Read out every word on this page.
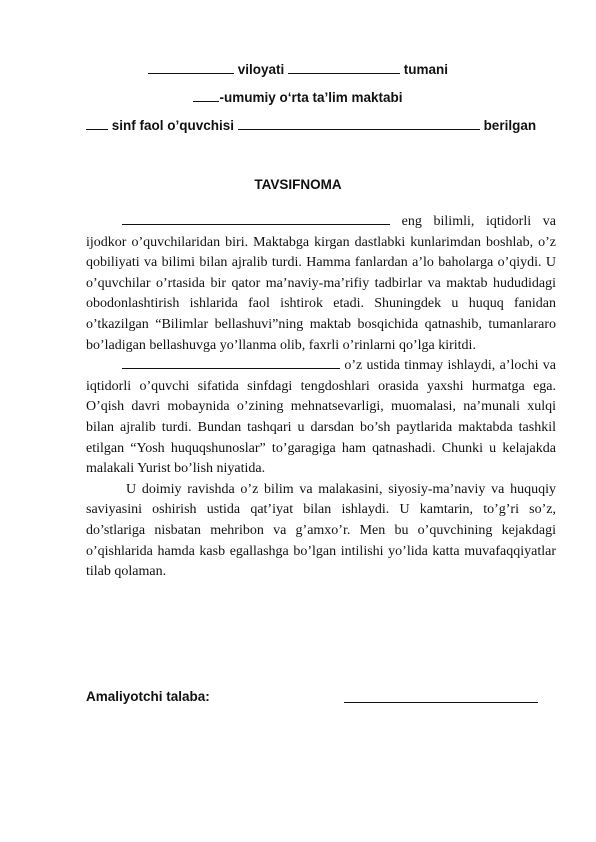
viloyati	tumani
-umumiy o‘rta ta’lim maktabi
sinf faol o’quvchisi	berilgan
TAVSIFNOMA

eng bilimli, iqtidorli va ijodkor o’quvchilaridan biri. Maktabga kirgan dastlabki kunlarimdan boshlab, o’z qobiliyati va bilimi bilan ajralib turdi. Hamma fanlardan a’lo baholarga o’qiydi. U o’quvchilar o’rtasida bir qator ma’naviy-ma’rifiy tadbirlar va maktab hududidagi obodonlashtirish ishlarida faol ishtirok etadi. Shuningdek u huquq fanidan o’tkazilgan “Bilimlar bellashuvi”ning maktab bosqichida qatnashib, tumanlararo bo’ladigan bellashuvga yo’llanma olib, faxrli o’rinlarni qo’lga kiritdi.

o’z ustida tinmay ishlaydi, a’lochi va iqtidorli o’quvchi sifatida sinfdagi tengdoshlari orasida yaxshi hurmatga ega. O’qish davri mobaynida o’zining mehnatsevarligi, muomalasi, na’munali xulqi bilan ajralib turdi. Bundan tashqari u darsdan bo’sh paytlarida maktabda tashkil etilgan “Yosh huquqshunoslar” to’garagiga ham qatnashadi. Chunki u kelajakda malakali Yurist bo’lish niyatida.

U doimiy ravishda o’z bilim va malakasini, siyosiy-ma’naviy va huquqiy saviyasini oshirish ustida qat’iyat bilan ishlaydi. U kamtarin, to’g’ri so’z, do’stlariga nisbatan mehribon va g’amxo’r. Men bu o’quvchining kejakdagi o’qishlarida hamda kasb egallashga bo’lgan intilishi yo’lida katta muvafaqqiyatlar tilab qolaman.

Amaliyotchi talaba:
